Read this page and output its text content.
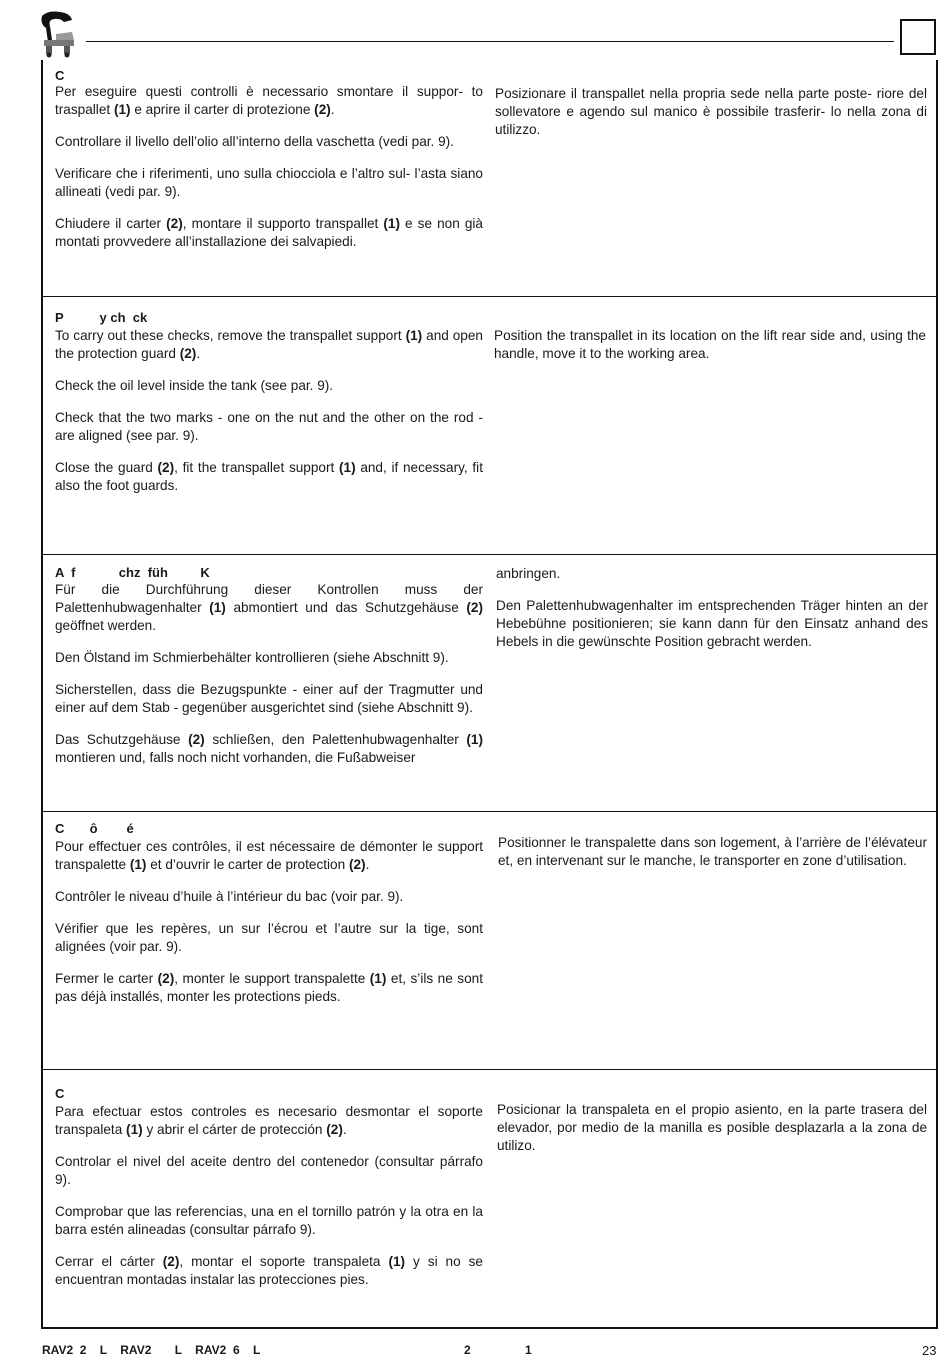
C

Per eseguire questi controlli è necessario smontare il suppor- to traspallet (1) e aprire il carter di protezione (2).

Controllare il livello dell’olio all’interno della vaschetta (vedi par. 9).

Verificare che i riferimenti, uno sulla chiocciola e l’altro sul- l’asta siano allineati (vedi par. 9).

Chiudere il carter (2), montare il supporto transpallet (1) e se non già montati provvedere all’installazione dei salvapiedi.

Posizionare il transpallet nella propria sede nella parte poste- riore del sollevatore e agendo sul manico è possibile trasferir- lo nella zona di utilizzo.

P          y ch  ck

To carry out these checks, remove the transpallet support (1) and open the protection guard (2).

Check the oil level inside the tank (see par. 9).

Check that the two marks - one on the nut and the other on the rod - are aligned (see par. 9).

Close the guard (2), fit the transpallet support (1) and, if necessary, fit also the foot guards.

Position the transpallet in its location on the lift rear side and, using the handle, move it to the working area.

A  f            chz  füh         K

Für die Durchführung dieser Kontrollen muss der Palettenhubwagenhalter (1) abmontiert und das Schutzgehäuse (2) geöffnet werden.

Den Ölstand im Schmierbehälter kontrollieren (siehe Abschnitt 9).

Sicherstellen, dass die Bezugspunkte - einer auf der Tragmutter und einer auf dem Stab - gegenüber ausgerichtet sind (siehe Abschnitt 9).

Das Schutzgehäuse (2) schließen, den Palettenhubwagenhalter (1) montieren und, falls noch nicht vorhanden, die Fußabweiser

anbringen.

Den Palettenhubwagenhalter im entsprechenden Träger hinten an der Hebebühne positionieren; sie kann dann für den Einsatz anhand des Hebels in die gewünschte Position gebracht werden.

C       ô        é

Pour effectuer ces contrôles, il est nécessaire de démonter le support transpalette (1) et d’ouvrir le carter de protection (2).

Contrôler le niveau d’huile à l’intérieur du bac (voir par. 9).

Vérifier que les repères, un sur l’écrou et l’autre sur la tige, sont alignées (voir par. 9).

Fermer le carter (2), monter le support transpalette (1) et, s’ils ne sont pas déjà installés, monter les protections pieds.

Positionner le transpalette dans son logement, à l’arrière de l’élévateur et, en intervenant sur le manche, le transporter en zone d’utilisation.

C

Para efectuar estos controles es necesario desmontar el soporte transpaleta (1) y abrir el cárter de protección (2).

Controlar el nivel del aceite dentro del contenedor (consultar párrafo 9).

Comprobar que las referencias, una en el tornillo patrón y la otra en la barra estén alineadas (consultar párrafo 9).

Cerrar el cárter (2), montar el soporte transpaleta (1) y si no se encuentran montadas instalar las protecciones pies.

Posicionar la transpaleta en el propio asiento, en la parte trasera del elevador, por medio de la manilla es posible desplazarla a la zona de utilizo.

RAV2  2    L    RAV2       L    RAV2  6    L	2	1	23
